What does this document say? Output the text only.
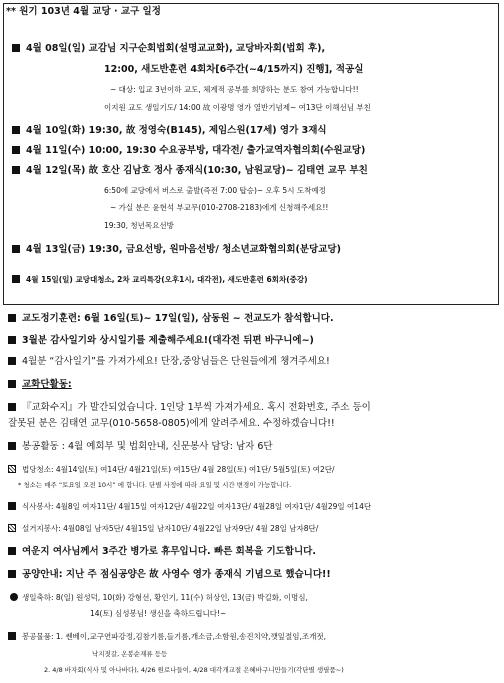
** 원기 103년 4월 교당 · 교구 일정
4월 08일(일) 교감님 지구순회법회(설명교교화), 교당바자회(법회 후),
12:00, 새도반훈련 4회차[6주간(~4/15까지) 진행], 적공실
~ 대상: 입교 3년이하 교도, 체계적 공부를 희망하는 분도 참여 가능합니다!!
이지원 교도 생일기도/ 14:00 故 이광명 영가 열반기념제~ 여13단 이해선님 부친
4월 10일(화) 19:30, 故 정영숙(B145), 제임스원(17세) 영가 3재식
4월 11일(수) 10:00, 19:30 수요공부방, 대각전/ 출가교역자협의회(수원교당)
4월 12일(목) 故 호산 김남호 정사 종재식(10:30, 남원교당)~ 김태연 교무 부친
6:50에 교당에서 버스로 출발(즉전 7:00 탑승)~ 오후 5시 도착예정
~ 가실 분은 윤현석 부교무(010-2708-2183)에게 신청해주세요!!
19:30, 청년목요선방
4월 13일(금) 19:30, 금요선방, 원마음선방/ 청소년교화협의회(분당교당)
4월 15일(일) 교당대청소, 2차 교리특강(오후1시, 대각전), 새도반훈련 6회차(중강)
교도정기훈련: 6월 16일(토)~ 17일(일), 삼동원 ~ 전교도가 참석합니다.
3월분 감사일기와 상시일기를 제출해주세요!(대각전 뒤편 바구니에~)
4월분 “감사일기”를 가져가세요! 단장,중앙님들은 단원들에게 챙겨주세요!
교화단활동:
『교화수지』가 발간되었습니다. 1인당 1부씩 가져가세요. 혹시 전화번호, 주소 등이
잘못된 분은 김태연 교무(010-5658-0805)에게 알려주세요. 수정하겠습니다!!
봉공활동 : 4월 예회부 및 법회안내, 신문봉사 담당: 남자 6단
법당청소: 4월14일(토) 여14단/ 4월21일(토) 여15단/ 4월 28일(토) 여1단/ 5월5일(토) 여2단/
* 청소는 매주 “토요일 오전 10시” 에 합니다. 단별 사정에 따라 요일 및 시간 변경이 가능합니다.
식사봉사: 4월8일 여자11단/ 4월15일 여자12단/ 4월22일 여자13단/ 4월28일 여자1단/ 4월29일 여14단
설거지봉사: 4월08일 남자5단/ 4월15일 남자10단/ 4월22일 남자9단/ 4월 28일 남자8단/
여운지 여사님께서 3주간 병가로 휴무입니다. 빠른 회복을 기도합니다.
공양안내: 지난 주 점심공양은 故 사영수 영가 종재식 기념으로 했습니다!!
생일축하: 8(일) 원성덕, 10(화) 강형선, 황인기, 11(수) 허상인, 13(금) 박길화, 이명심,
14(토) 심성봉님! 생신을 축하드립니다!~
봉공물품: 1. 쎈베이,교구연파강정,김참기름,들기름,개소금,소함원,송진치약,깻잎절임,조개젓,
낙지젓갈, 온봉순재류 등등
2. 4/8 바자회(식사 및 아나바다), 4/26 원로나들이, 4/28 대각개교절 은혜바구니만들기(각단별 생필품~)
